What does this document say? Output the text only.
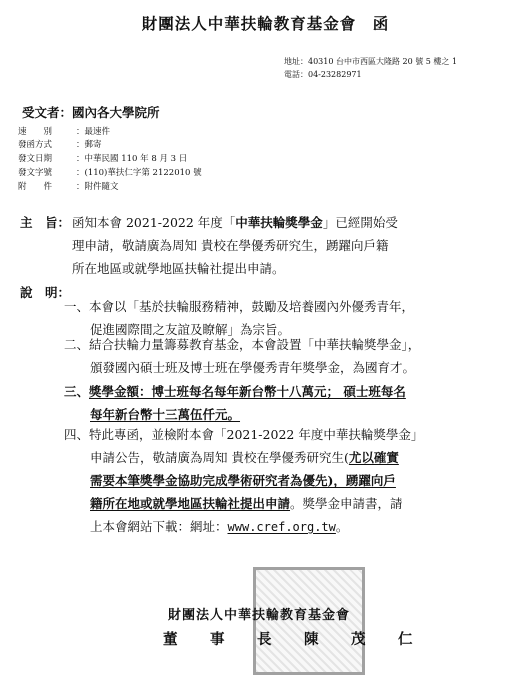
財團法人中華扶輪教育基金會　函
地址：40310 台中市西區大隆路 20 號 5 樓之 1
電話：04-23282971
受文者：國內各大學院所
速　　別	：最速件
發函方式	：郵寄
發文日期	：中華民國 110 年 8 月 3 日
發文字號	：(110)華扶仁字第 2122010 號
附　　件	：附件隨文
主　旨： 函知本會 2021-2022 年度「中華扶輪獎學金」已經開始受
理申請，敬請廣為周知 貴校在學優秀研究生，踴躍向戶籍
所在地區或就學地區扶輪社提出申請。
說　明：
一、本會以「基於扶輪服務精神，鼓勵及培養國內外優秀青年，
促進國際間之友誼及瞭解」為宗旨。
二、結合扶輪力量籌募教育基金，本會設置「中華扶輪獎學金」，
頒發國內碩士班及博士班在學優秀青年獎學金，為國育才。
三、獎學金額：博士班每名每年新台幣十八萬元； 碩士班每名
每年新台幣十三萬伍仟元。
四、特此專函，並檢附本會「2021-2022 年度中華扶輪獎學金」
申請公告，敬請廣為周知 貴校在學優秀研究生(尤以確實
需要本筆獎學金協助完成學術研究者為優先)，踴躍向戶
籍所在地或就學地區扶輪社提出申請。獎學金申請書，請
上本會網站下載：網址：www.cref.org.tw。
財團法人中華扶輪教育基金會
董　事　長　陳　茂　仁
